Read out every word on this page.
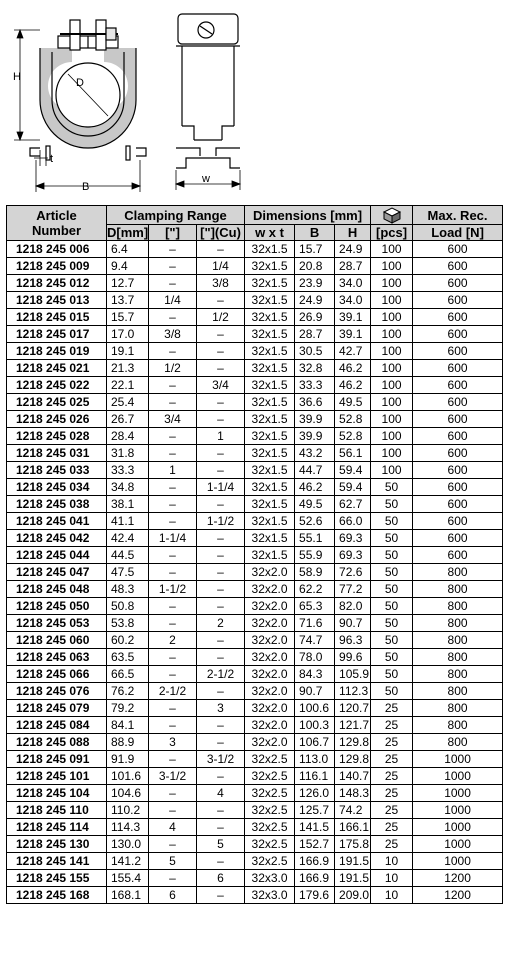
H	D
t
B
w
Article
Number	Clamping Range			Dimensions [mm]				Max. Rec.
	D[mm]	["]	["](Cu)	w x t	B	H	[pcs]	Load [N]
1218 245 006	6.4	–	–	32x1.5	15.7	24.9	100	600
1218 245 009	9.4	–	1/4	32x1.5	20.8	28.7	100	600
1218 245 012	12.7	–	3/8	32x1.5	23.9	34.0	100	600
1218 245 013	13.7	1/4	–	32x1.5	24.9	34.0	100	600
1218 245 015	15.7	–	1/2	32x1.5	26.9	39.1	100	600
1218 245 017	17.0	3/8	–	32x1.5	28.7	39.1	100	600
1218 245 019	19.1	–	–	32x1.5	30.5	42.7	100	600
1218 245 021	21.3	1/2	–	32x1.5	32.8	46.2	100	600
1218 245 022	22.1	–	3/4	32x1.5	33.3	46.2	100	600
1218 245 025	25.4	–	–	32x1.5	36.6	49.5	100	600
1218 245 026	26.7	3/4	–	32x1.5	39.9	52.8	100	600
1218 245 028	28.4	–	1	32x1.5	39.9	52.8	100	600
1218 245 031	31.8	–	–	32x1.5	43.2	56.1	100	600
1218 245 033	33.3	1	–	32x1.5	44.7	59.4	100	600
1218 245 034	34.8	–	1-1/4	32x1.5	46.2	59.4	50	600
1218 245 038	38.1	–	–	32x1.5	49.5	62.7	50	600
1218 245 041	41.1	–	1-1/2	32x1.5	52.6	66.0	50	600
1218 245 042	42.4	1-1/4	–	32x1.5	55.1	69.3	50	600
1218 245 044	44.5	–	–	32x1.5	55.9	69.3	50	600
1218 245 047	47.5	–	–	32x2.0	58.9	72.6	50	800
1218 245 048	48.3	1-1/2	–	32x2.0	62.2	77.2	50	800
1218 245 050	50.8	–	–	32x2.0	65.3	82.0	50	800
1218 245 053	53.8	–	2	32x2.0	71.6	90.7	50	800
1218 245 060	60.2	2	–	32x2.0	74.7	96.3	50	800
1218 245 063	63.5	–	–	32x2.0	78.0	99.6	50	800
1218 245 066	66.5	–	2-1/2	32x2.0	84.3	105.9	50	800
1218 245 076	76.2	2-1/2	–	32x2.0	90.7	112.3	50	800
1218 245 079	79.2	–	3	32x2.0	100.6	120.7	25	800
1218 245 084	84.1	–	–	32x2.0	100.3	121.7	25	800
1218 245 088	88.9	3	–	32x2.0	106.7	129.8	25	800
1218 245 091	91.9	–	3-1/2	32x2.5	113.0	129.8	25	1000
1218 245 101	101.6	3-1/2	–	32x2.5	116.1	140.7	25	1000
1218 245 104	104.6	–	4	32x2.5	126.0	148.3	25	1000
1218 245 110	110.2	–	–	32x2.5	125.7	74.2	25	1000
1218 245 114	114.3	4	–	32x2.5	141.5	166.1	25	1000
1218 245 130	130.0	–	5	32x2.5	152.7	175.8	25	1000
1218 245 141	141.2	5	–	32x2.5	166.9	191.5	10	1000
1218 245 155	155.4	–	6	32x3.0	166.9	191.5	10	1200
1218 245 168	168.1	6	–	32x3.0	179.6	209.0	10	1200
